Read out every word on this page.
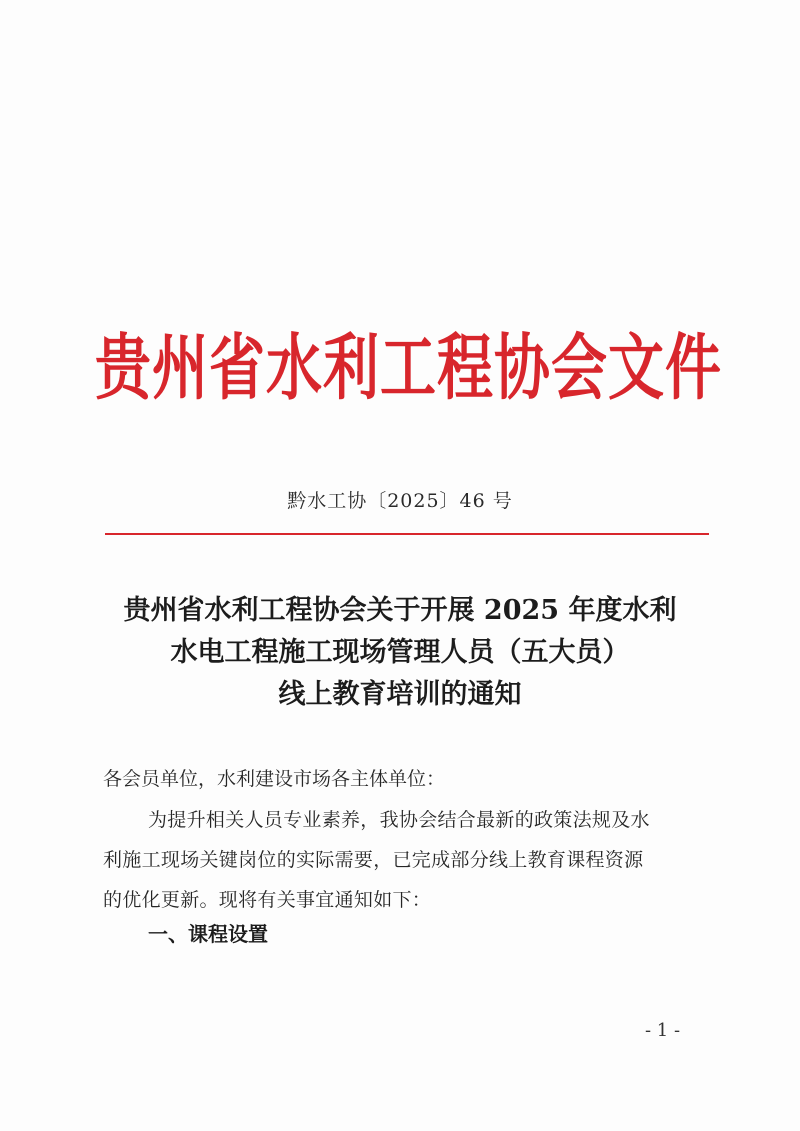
贵州省水利工程协会文件
黔水工协〔2025〕46 号
贵州省水利工程协会关于开展 2025 年度水利
水电工程施工现场管理人员（五大员）
线上教育培训的通知
各会员单位，水利建设市场各主体单位：
为提升相关人员专业素养，我协会结合最新的政策法规及水
利施工现场关键岗位的实际需要，已完成部分线上教育课程资源
的优化更新。现将有关事宜通知如下：
一、课程设置
- 1 -
